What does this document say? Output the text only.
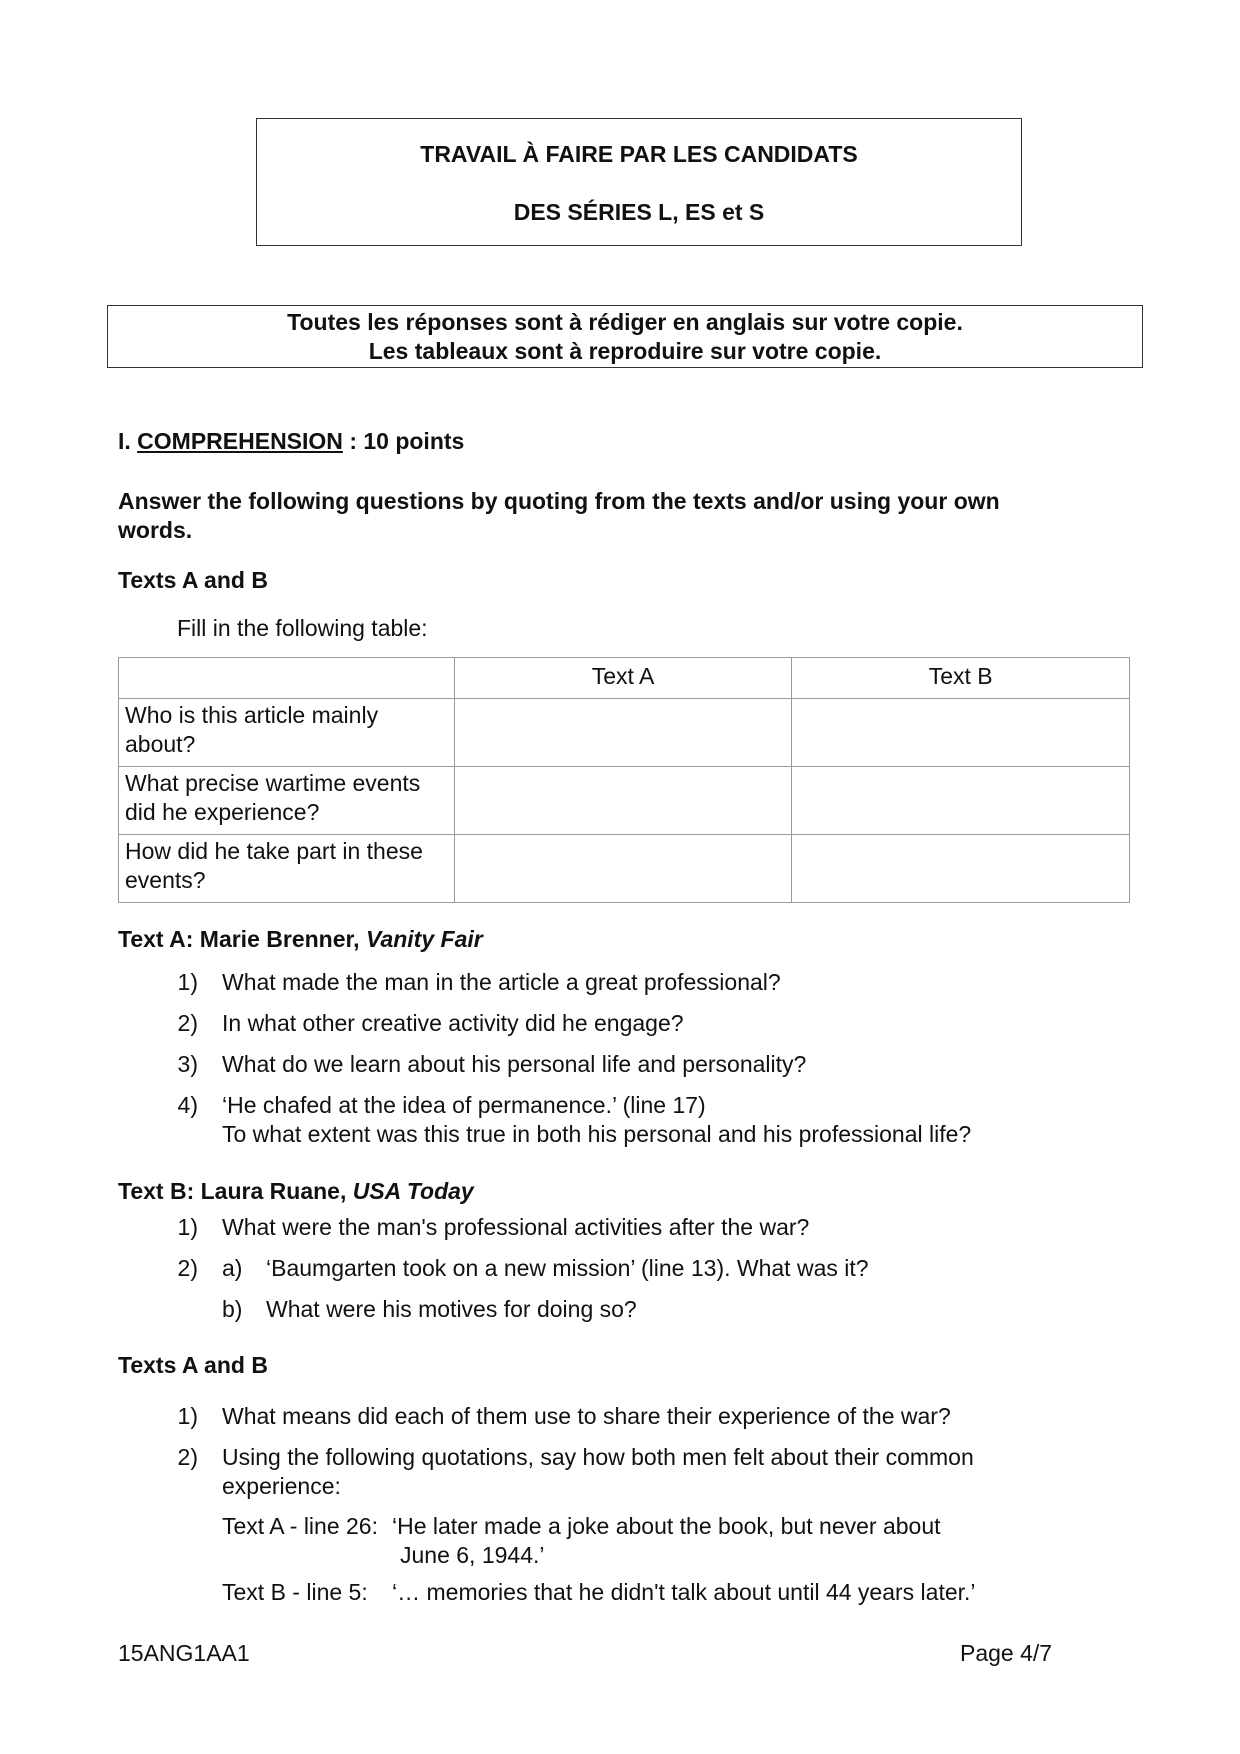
TRAVAIL À FAIRE PAR LES CANDIDATS
DES SÉRIES L, ES et S
Toutes les réponses sont à rédiger en anglais sur votre copie.
Les tableaux sont à reproduire sur votre copie.
I. COMPREHENSION : 10 points
Answer the following questions by quoting from the texts and/or using your own
words.
Texts A and B
Fill in the following table:
	Text A	Text B

Who is this article mainly
about?		

What precise wartime events
did he experience?		

How did he take part in these
events?		

Text A: Marie Brenner, Vanity Fair
1) What made the man in the article a great professional?
2) In what other creative activity did he engage?
3) What do we learn about his personal life and personality?
4) ‘He chafed at the idea of permanence.’ (line 17)
To what extent was this true in both his personal and his professional life?
Text B: Laura Ruane, USA Today
1) What were the man's professional activities after the war?
2) a) ‘Baumgarten took on a new mission’ (line 13). What was it?
b) What were his motives for doing so?
Texts A and B
1) What means did each of them use to share their experience of the war?
2) Using the following quotations, say how both men felt about their common
experience:
Text A - line 26: ‘He later made a joke about the book, but never about
June 6, 1944.’
Text B - line 5: ‘… memories that he didn't talk about until 44 years later.’
15ANG1AA1	Page 4/7
